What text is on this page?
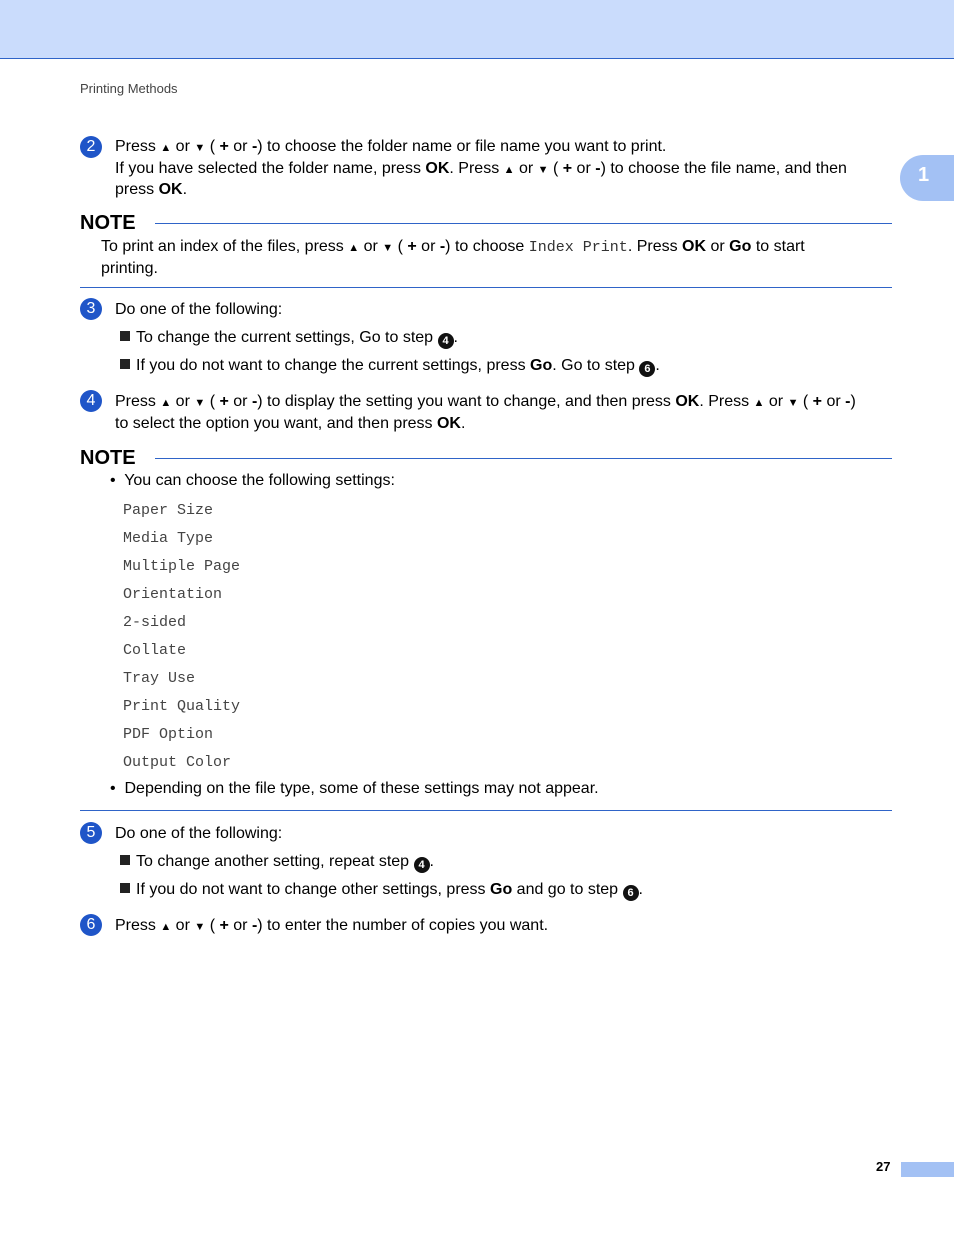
Printing Methods
1
2	Press ▲ or ▼ ( + or -) to choose the folder name or file name you want to print.
If you have selected the folder name, press OK. Press ▲ or ▼ ( + or -) to choose the file name, and then
press OK.
NOTE
To print an index of the files, press ▲ or ▼ ( + or -) to choose Index Print. Press OK or Go to start
printing.
3	Do one of the following:
To change the current settings, Go to step 4 .
If you do not want to change the current settings, press Go. Go to step 6 .
4	Press ▲ or ▼ ( + or -) to display the setting you want to change, and then press OK. Press ▲ or ▼ ( + or -)
to select the option you want, and then press OK.
NOTE
•  You can choose the following settings:
Paper Size
Media Type
Multiple Page
Orientation
2-sided
Collate
Tray Use
Print Quality
PDF Option
Output Color
•  Depending on the file type, some of these settings may not appear.
5	Do one of the following:
To change another setting, repeat step 4 .
If you do not want to change other settings, press Go and go to step 6 .
6	Press ▲ or ▼ ( + or -) to enter the number of copies you want.
27
